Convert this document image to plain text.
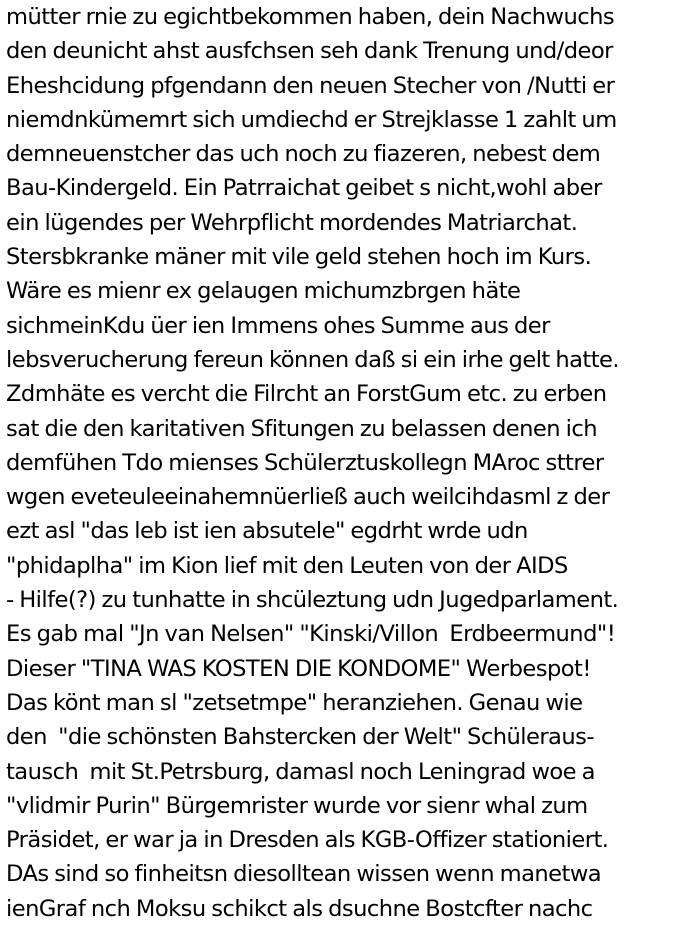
mütter rnie zu egichtbekommen haben, dein Nachwuchs
den deunicht ahst ausfchsen seh dank Trenung und/deor
Eheshcidung pfgendann den neuen Stecher von /Nutti er
niemdnkümemrt sich umdiechd er Strejklasse 1 zahlt um
demneuenstcher das uch noch zu fiazeren, nebest dem
Bau-Kindergeld. Ein Patrraichat geibet s nicht,wohl aber
ein lügendes per Wehrpflicht mordendes Matriarchat.
Stersbkranke mäner mit vile geld stehen hoch im Kurs.
Wäre es mienr ex gelaugen michumzbrgen häte
sichmeinKdu üer ien Immens ohes Summe aus der
lebsverucherung fereun können daß si ein irhe gelt hatte.
Zdmhäte es vercht die Filrcht an ForstGum etc. zu erben
sat die den karitativen Sfitungen zu belassen denen ich
demfühen Tdo mienses Schülerztuskollegn MAroc sttrer
wgen eveteuleeinahemnüerließ auch weilcihdasml z der
ezt asl "das leb ist ien absutele" egdrht wrde udn
"phidaplha" im Kion lief mit den Leuten von der AIDS
- Hilfe(?) zu tunhatte in shcüleztung udn Jugedparlament.
Es gab mal "Jn van Nelsen" "Kinski/Villon  Erdbeermund"!
Dieser "TINA WAS KOSTEN DIE KONDOME" Werbespot!
Das könt man sl "zetsetmpe" heranziehen. Genau wie
den  "die schönsten Bahstercken der Welt" Schüleraus-
tausch  mit St.Petrsburg, damasl noch Leningrad woe a
"vlidmir Purin" Bürgemrister wurde vor sienr whal zum
Präsidet, er war ja in Dresden als KGB-Offizer stationiert.
DAs sind so finheitsn diesolltean wissen wenn manetwa
ienGraf nch Moksu schikct als dsuchne Bostcfter nachc
